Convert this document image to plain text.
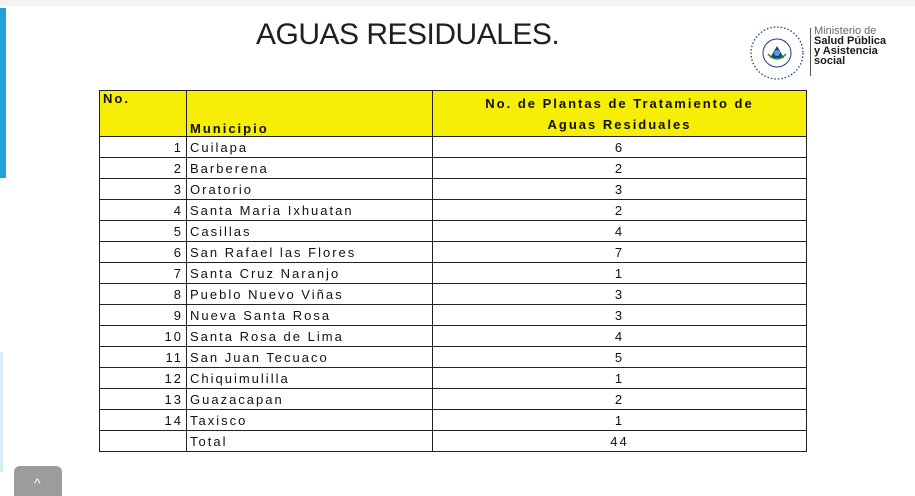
AGUAS RESIDUALES.	Ministerio de
Salud Pública
y Asistencia
social
No.	Municipio	No. de Plantas de Tratamiento de
Aguas Residuales
1	Cuilapa	6
2	Barberena	2
3	Oratorio	3
4	Santa Maria Ixhuatan	2
5	Casillas	4
6	San Rafael las Flores	7
7	Santa Cruz Naranjo	1
8	Pueblo Nuevo Viñas	3
9	Nueva Santa Rosa	3
10	Santa Rosa de Lima	4
11	San Juan Tecuaco	5
12	Chiquimulilla	1
13	Guazacapan	2
14	Taxisco	1
	Total	44
^
